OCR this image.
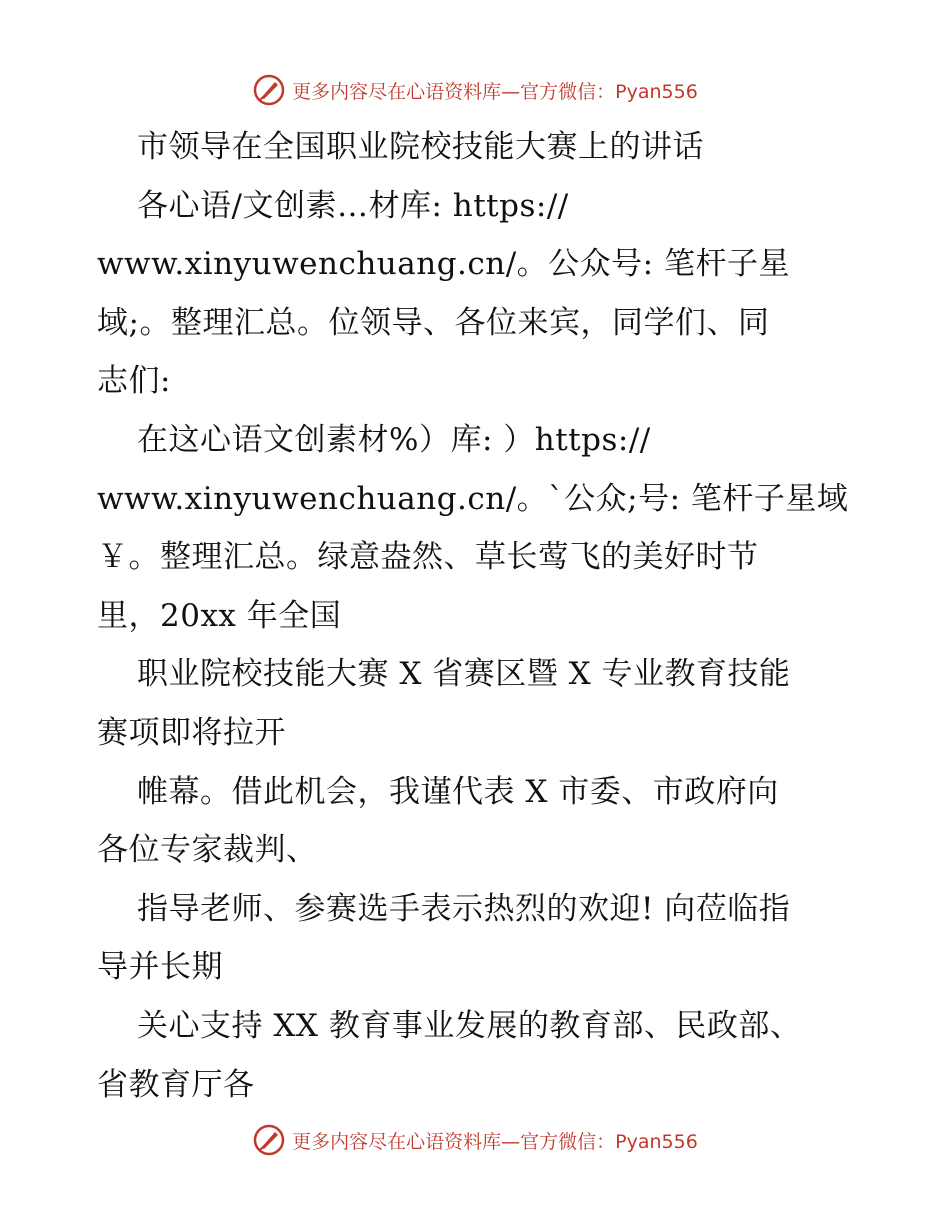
更多内容尽在心语资料库—官方微信：Pyan556
市领导在全国职业院校技能大赛上的讲话
各心语/文创素…材库: https://
www.xinyuwenchuang.cn/。公众号: 笔杆子星
域;。整理汇总。位领导、各位来宾，同学们、同
志们:
在这心语文创素材%）库: ）https://
www.xinyuwenchuang.cn/。`公众;号: 笔杆子星域
￥。整理汇总。绿意盎然、草长莺飞的美好时节
里，20xx 年全国
职业院校技能大赛 X 省赛区暨 X 专业教育技能
赛项即将拉开
帷幕。借此机会，我谨代表 X 市委、市政府向
各位专家裁判、
指导老师、参赛选手表示热烈的欢迎! 向莅临指
导并长期
关心支持 XX 教育事业发展的教育部、民政部、
省教育厅各
更多内容尽在心语资料库—官方微信：Pyan556
